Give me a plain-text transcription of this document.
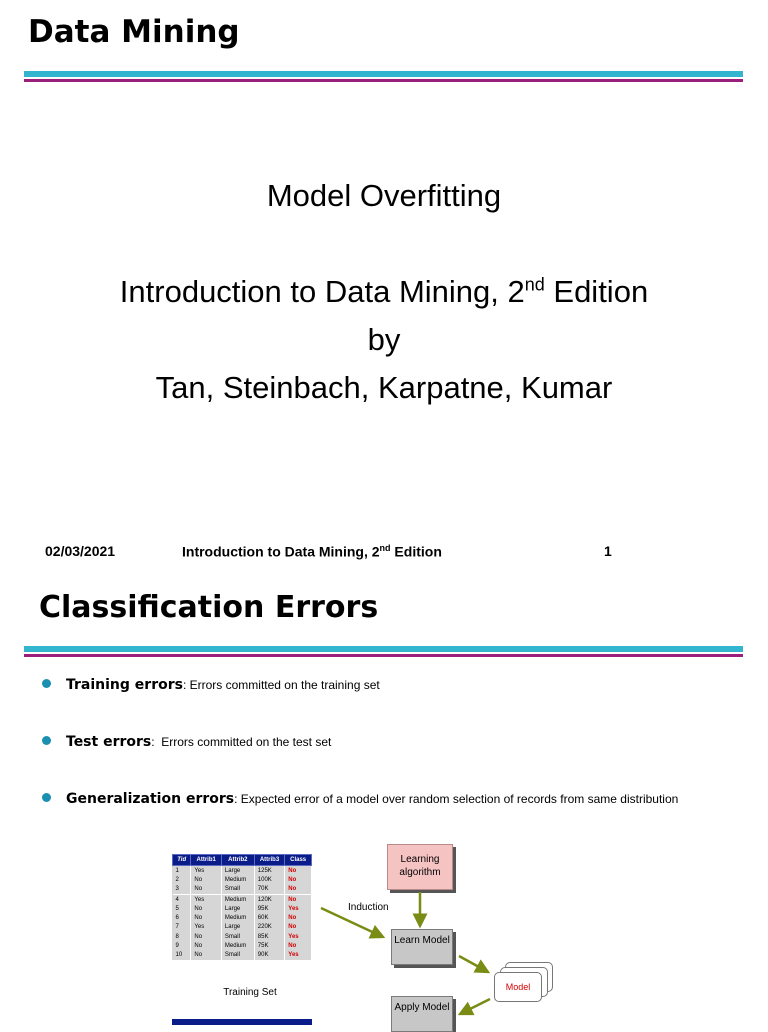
Data Mining
Model Overfitting
Introduction to Data Mining, 2nd Edition
by
Tan, Steinbach, Karpatne, Kumar
02/03/2021	Introduction to Data Mining, 2nd Edition	1
Classification Errors
Training errors: Errors committed on the training set
Test errors:  Errors committed on the test set
Generalization errors: Expected error of a model over random selection of records from same distribution
Tid	Attrib1	Attrib2	Attrib3	Class
1	Yes	Large	125K	No
2	No	Medium	100K	No
3	No	Small	70K	No
4	Yes	Medium	120K	No
5	No	Large	95K	Yes
6	No	Medium	60K	No
7	Yes	Large	220K	No
8	No	Small	85K	Yes
9	No	Medium	75K	No
10	No	Small	90K	Yes
Training Set
Learning algorithm
Induction
Learn Model
Model
Apply Model
